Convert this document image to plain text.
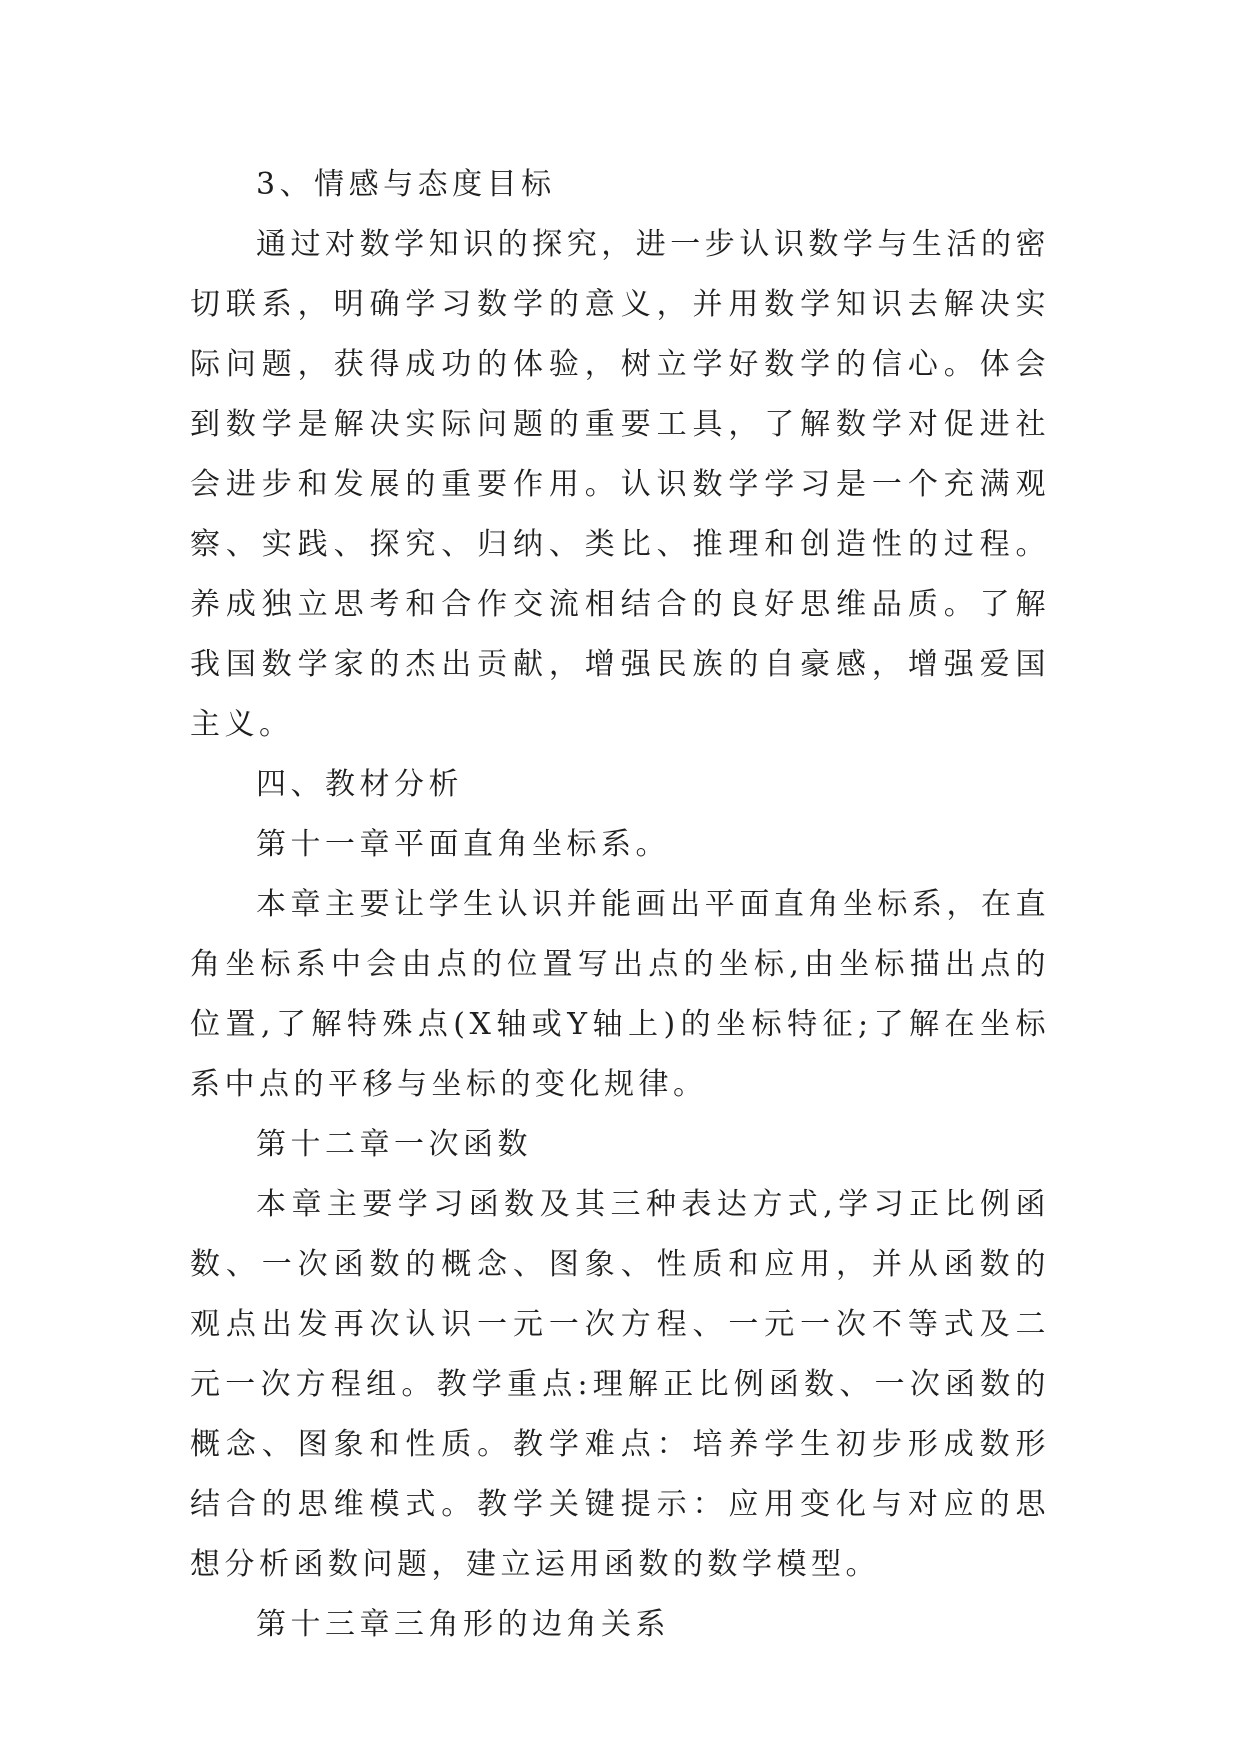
3、情感与态度目标

通过对数学知识的探究，进一步认识数学与生活的密切联系，明确学习数学的意义，并用数学知识去解决实际问题，获得成功的体验，树立学好数学的信心。体会到数学是解决实际问题的重要工具，了解数学对促进社会进步和发展的重要作用。认识数学学习是一个充满观察、实践、探究、归纳、类比、推理和创造性的过程。养成独立思考和合作交流相结合的良好思维品质。了解我国数学家的杰出贡献，增强民族的自豪感，增强爱国主义。

四、教材分析

第十一章平面直角坐标系。

本章主要让学生认识并能画出平面直角坐标系，在直角坐标系中会由点的位置写出点的坐标,由坐标描出点的位置,了解特殊点(X轴或Y轴上)的坐标特征;了解在坐标系中点的平移与坐标的变化规律。

第十二章一次函数

本章主要学习函数及其三种表达方式,学习正比例函数、一次函数的概念、图象、性质和应用，并从函数的观点出发再次认识一元一次方程、一元一次不等式及二元一次方程组。教学重点:理解正比例函数、一次函数的概念、图象和性质。教学难点：培养学生初步形成数形结合的思维模式。教学关键提示：应用变化与对应的思想分析函数问题，建立运用函数的数学模型。

第十三章三角形的边角关系
